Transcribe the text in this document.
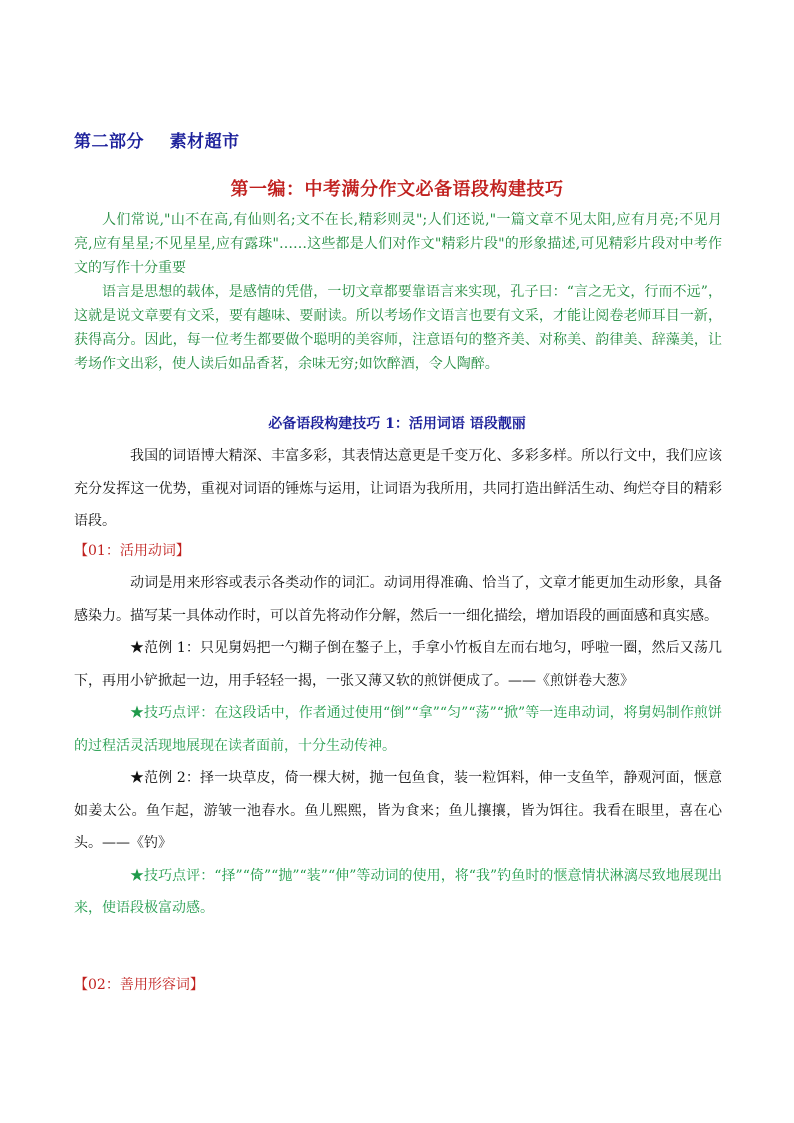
第二部分    素材超市
第一编：中考满分作文必备语段构建技巧

人们常说,"山不在高,有仙则名;文不在长,精彩则灵";人们还说,"一篇文章不见太阳,应有月亮;不见月亮,应有星星;不见星星,应有露珠"……这些都是人们对作文"精彩片段"的形象描述,可见精彩片段对中考作文的写作十分重要

语言是思想的载体，是感情的凭借，一切文章都要靠语言来实现，孔子曰：“言之无文，行而不远”，这就是说文章要有文采，要有趣味、要耐读。所以考场作文语言也要有文采，才能让阅卷老师耳目一新，获得高分。因此，每一位考生都要做个聪明的美容师，注意语句的整齐美、对称美、韵律美、辞藻美，让考场作文出彩，使人读后如品香茗，余味无穷;如饮醉酒，令人陶醉。

必备语段构建技巧 1：活用词语 语段靓丽

我国的词语博大精深、丰富多彩，其表情达意更是千变万化、多彩多样。所以行文中，我们应该充分发挥这一优势，重视对词语的锤炼与运用，让词语为我所用，共同打造出鲜活生动、绚烂夺目的精彩语段。

【01：活用动词】

动词是用来形容或表示各类动作的词汇。动词用得准确、恰当了，文章才能更加生动形象，具备感染力。描写某一具体动作时，可以首先将动作分解，然后一一细化描绘，增加语段的画面感和真实感。

★范例 1：只见舅妈把一勺糊子倒在鏊子上，手拿小竹板自左而右地匀，呼啦一圈，然后又荡几下，再用小铲掀起一边，用手轻轻一揭，一张又薄又软的煎饼便成了。——《煎饼卷大葱》

★技巧点评：在这段话中，作者通过使用“倒”“拿”“匀”“荡”“掀”等一连串动词，将舅妈制作煎饼的过程活灵活现地展现在读者面前，十分生动传神。

★范例 2：择一块草皮，倚一棵大树，抛一包鱼食，装一粒饵料，伸一支鱼竿，静观河面，惬意如姜太公。鱼乍起，游皱一池春水。鱼儿熙熙，皆为食来；鱼儿攘攘，皆为饵往。我看在眼里，喜在心头。——《钓》

★技巧点评：“择”“倚”“抛”“装”“伸”等动词的使用，将“我”钓鱼时的惬意情状淋漓尽致地展现出来，使语段极富动感。

【02：善用形容词】
